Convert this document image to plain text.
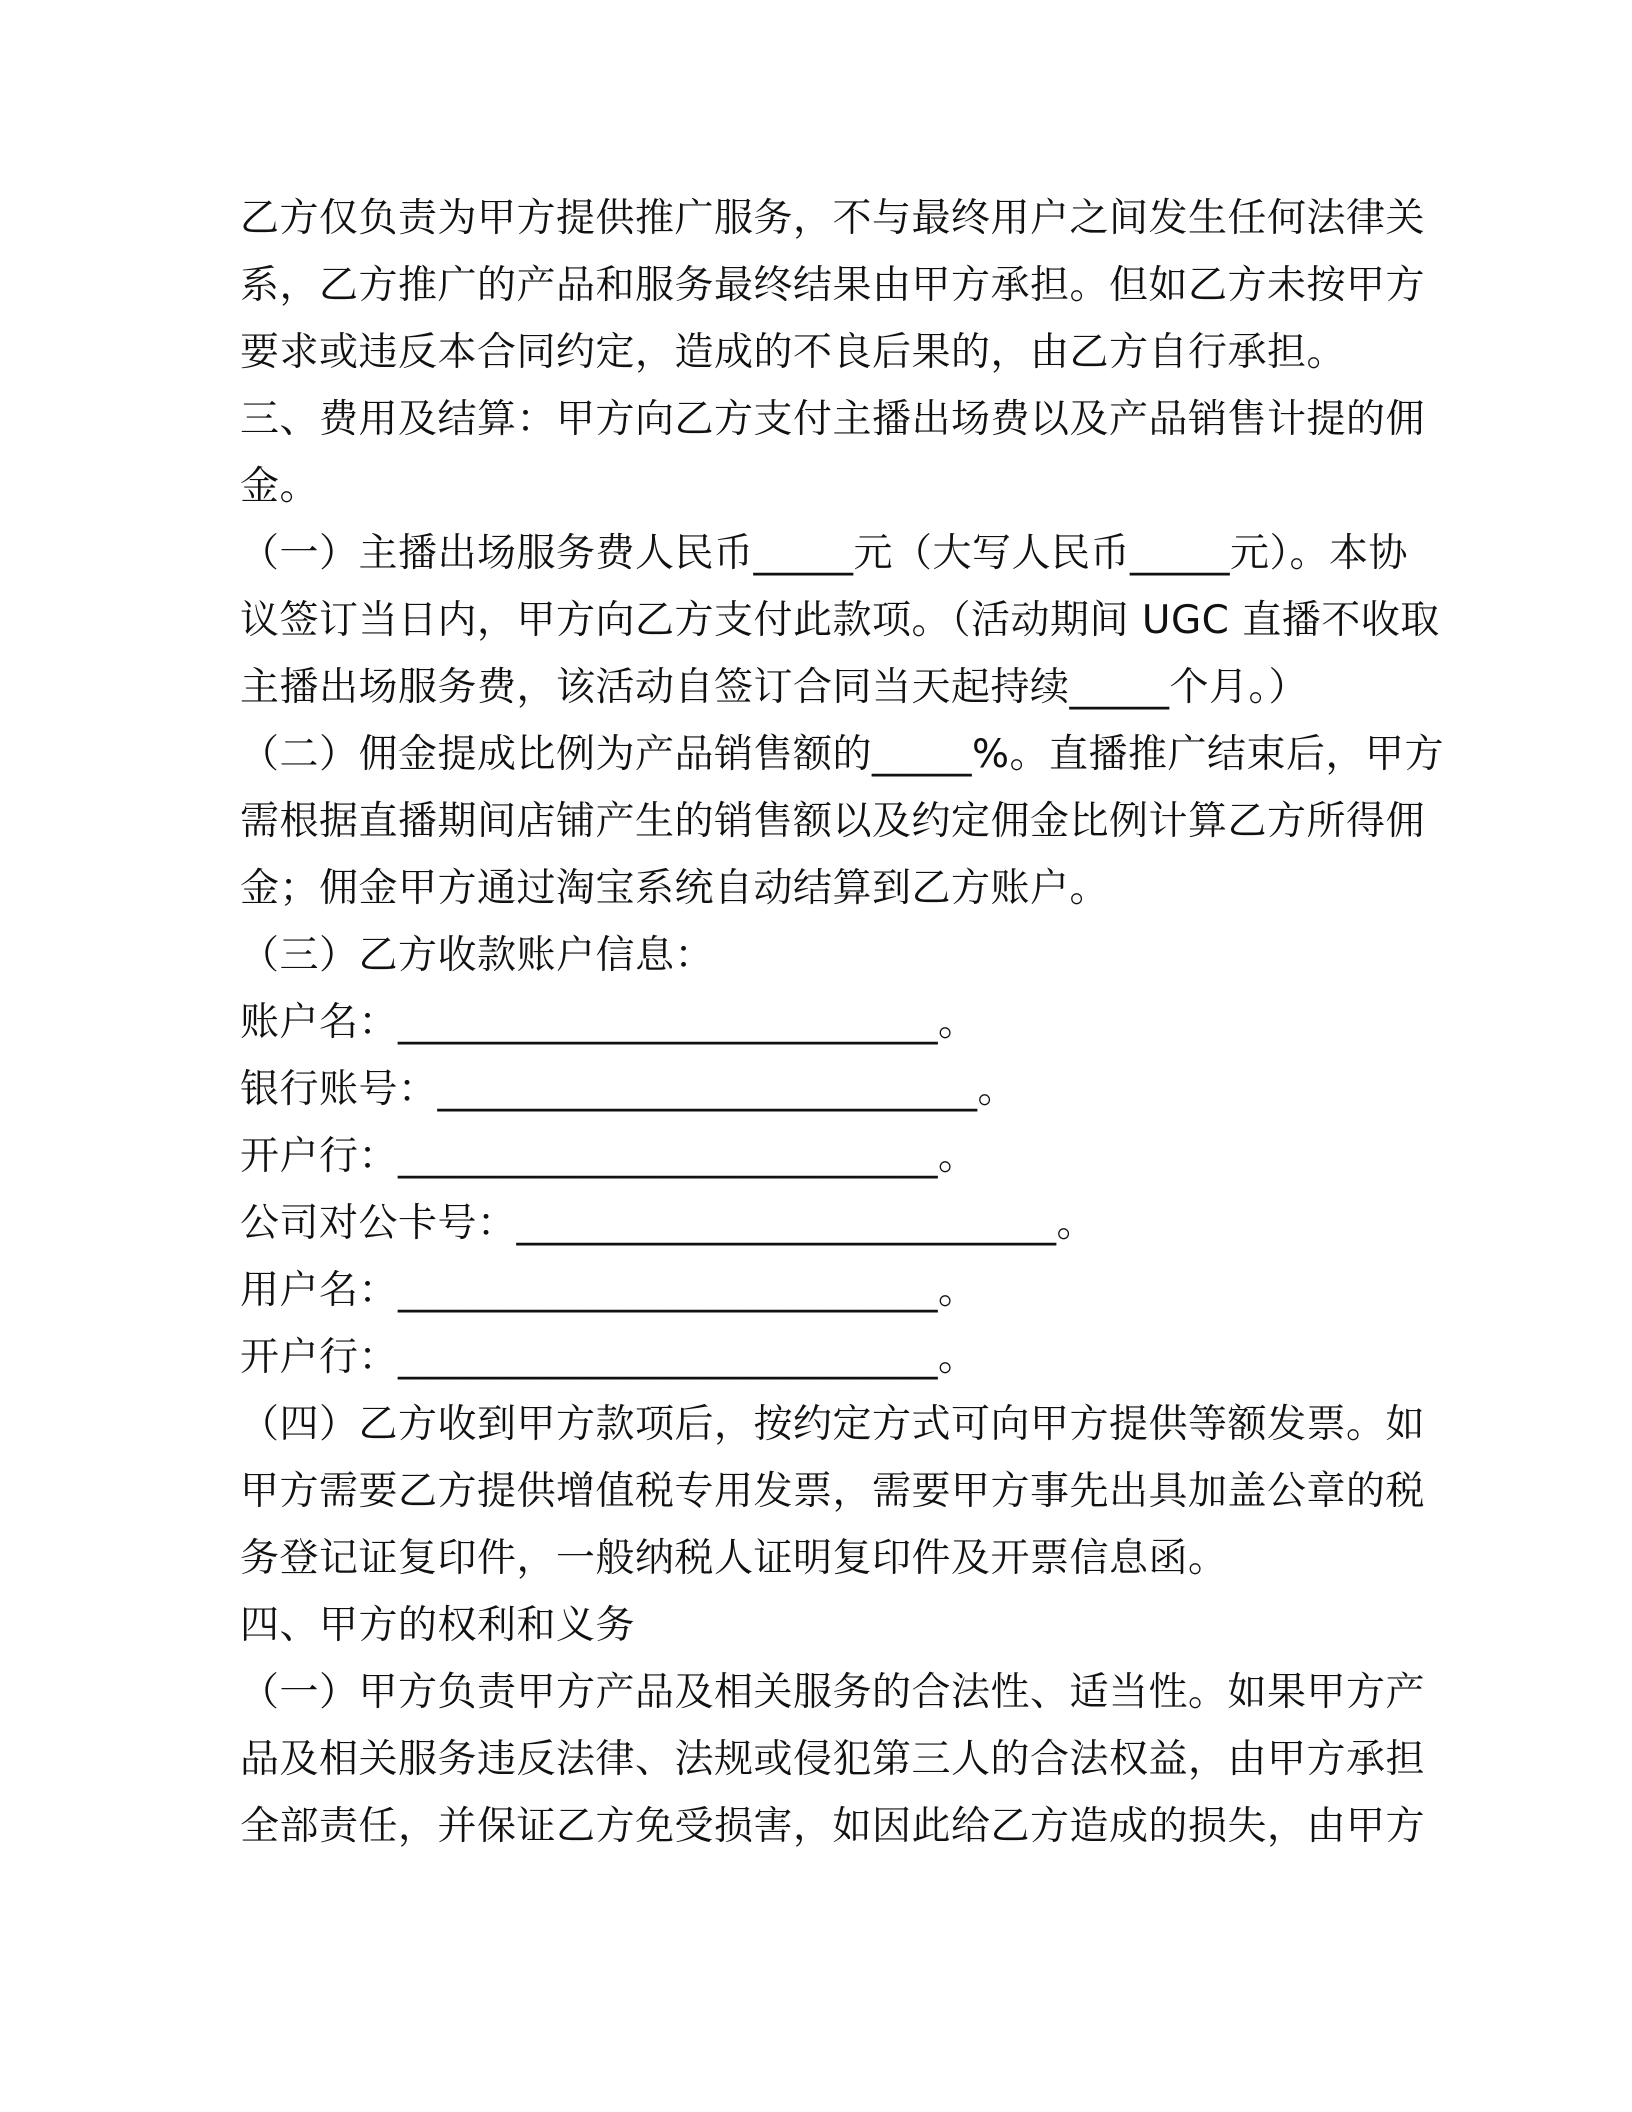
乙方仅负责为甲方提供推广服务，不与最终用户之间发生任何法律关
系，乙方推广的产品和服务最终结果由甲方承担。但如乙方未按甲方
要求或违反本合同约定，造成的不良后果的，由乙方自行承担。
三、费用及结算：甲方向乙方支付主播出场费以及产品销售计提的佣
金。
（一）主播出场服务费人民币_____元（大写人民币_____元）。本协
议签订当日内，甲方向乙方支付此款项。（活动期间 UGC 直播不收取
主播出场服务费，该活动自签订合同当天起持续_____个月。）
（二）佣金提成比例为产品销售额的_____%。直播推广结束后，甲方
需根据直播期间店铺产生的销售额以及约定佣金比例计算乙方所得佣
金；佣金甲方通过淘宝系统自动结算到乙方账户。
（三）乙方收款账户信息：
账户名：___________________________。
银行账号：___________________________。
开户行：___________________________。
公司对公卡号：___________________________。
用户名：___________________________。
开户行：___________________________。
（四）乙方收到甲方款项后，按约定方式可向甲方提供等额发票。如
甲方需要乙方提供增值税专用发票，需要甲方事先出具加盖公章的税
务登记证复印件，一般纳税人证明复印件及开票信息函。
四、甲方的权利和义务
（一）甲方负责甲方产品及相关服务的合法性、适当性。如果甲方产
品及相关服务违反法律、法规或侵犯第三人的合法权益，由甲方承担
全部责任，并保证乙方免受损害，如因此给乙方造成的损失，由甲方
